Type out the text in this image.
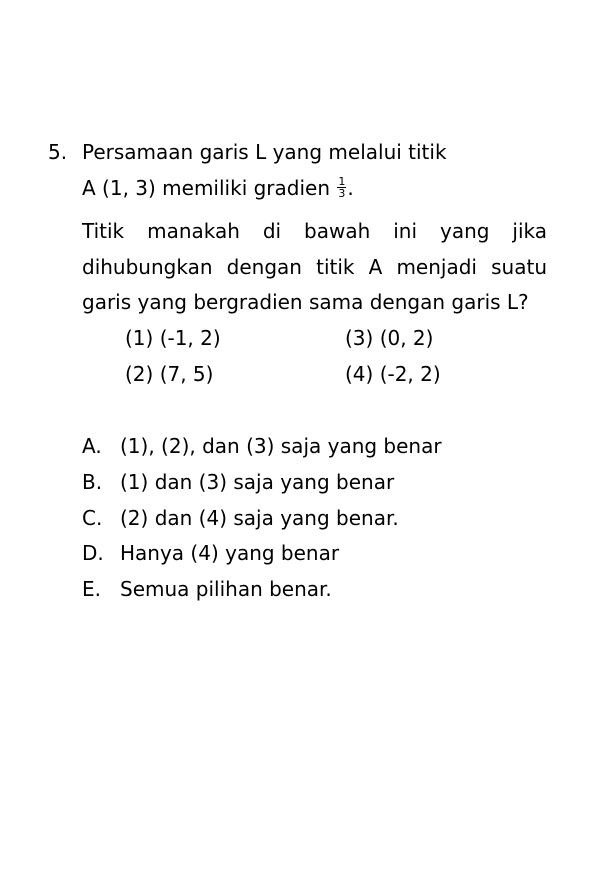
5. Persamaan garis L yang melalui titik
A (1, 3) memiliki gradien $\frac{1}{3}$ .
Titik manakah di bawah ini yang jika
dihubungkan dengan titik A menjadi suatu
garis yang bergradien sama dengan garis L?
(1) (-1, 2)
(2) (7, 5)
(3) (0, 2)
(4) (-2, 2)
A. (1), (2), dan (3) saja yang benar
B. (1) dan (3) saja yang benar
C. (2) dan (4) saja yang benar.
D. Hanya (4) yang benar
E. Semua pilihan benar.
